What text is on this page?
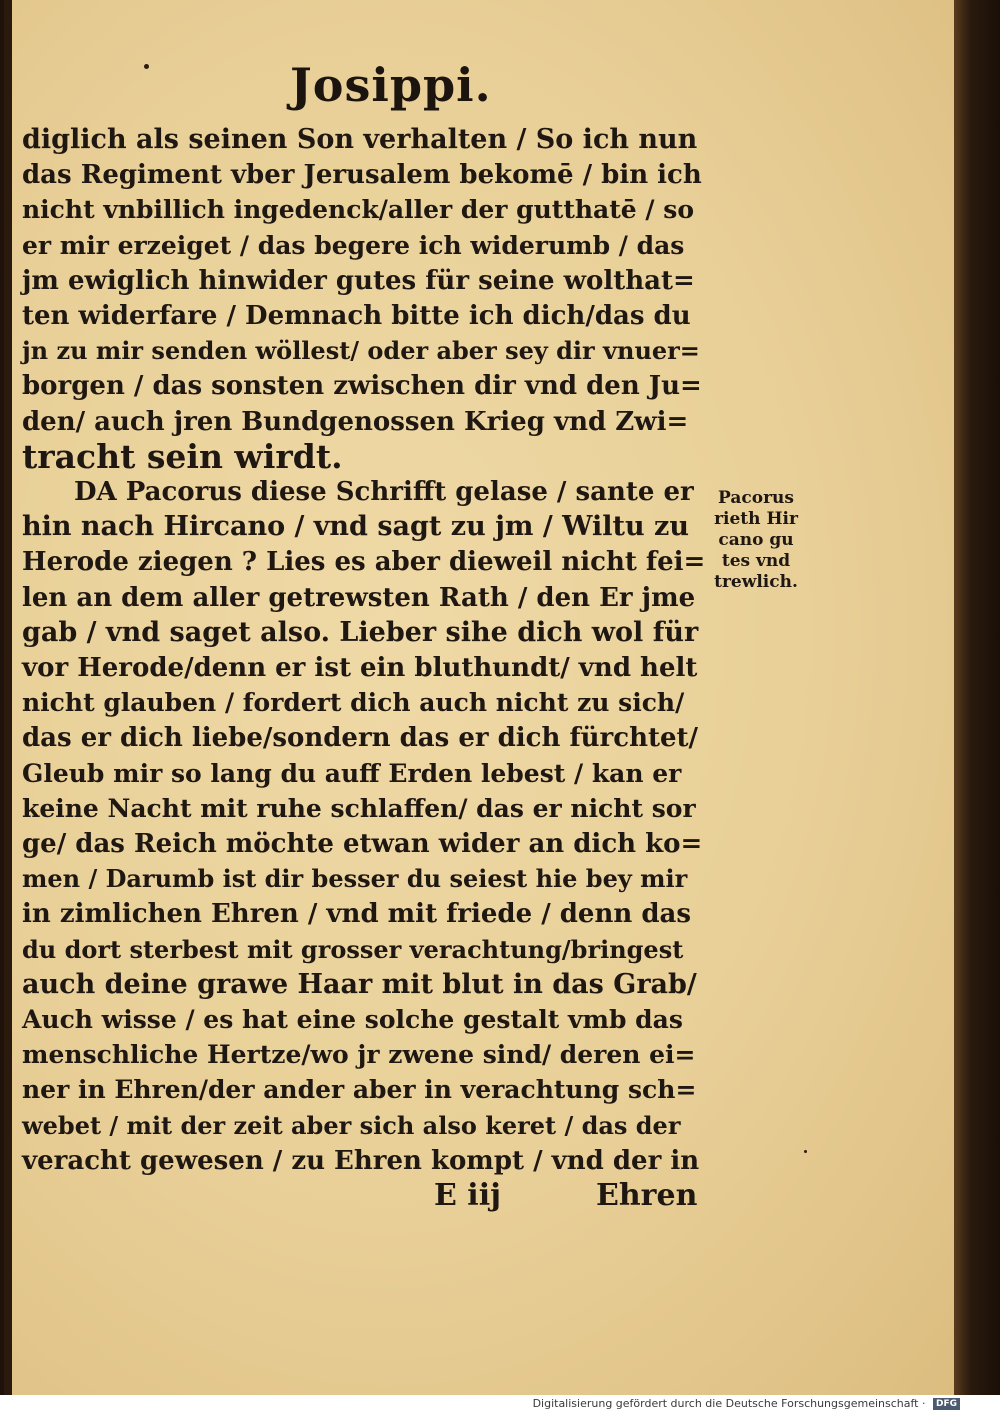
Josippi.
diglich als seinen Son verhalten / So ich nun
das Regiment vber Jerusalem bekomē / bin ich
nicht vnbillich ingedenck/aller der gutthatē / so
er mir erzeiget / das begere ich widerumb / das
jm ewiglich hinwider gutes für seine wolthat=
ten widerfare / Demnach bitte ich dich/das du
jn zu mir senden wöllest/ oder aber sey dir vnuer=
borgen / das sonsten zwischen dir vnd den Ju=
den/ auch jren Bundgenossen Krieg vnd Zwi=
tracht sein wirdt.
DA Pacorus diese Schrifft gelase / sante er
hin nach Hircano / vnd sagt zu jm / Wiltu zu
Herode ziegen ? Lies es aber dieweil nicht fei=
len an dem aller getrewsten Rath / den Er jme
gab / vnd saget also. Lieber sihe dich wol für
vor Herode/denn er ist ein bluthundt/ vnd helt
nicht glauben / fordert dich auch nicht zu sich/
das er dich liebe/sondern das er dich fürchtet/
Gleub mir so lang du auff Erden lebest / kan er
keine Nacht mit ruhe schlaffen/ das er nicht sor
ge/ das Reich möchte etwan wider an dich ko=
men / Darumb ist dir besser du seiest hie bey mir
in zimlichen Ehren / vnd mit friede / denn das
du dort sterbest mit grosser verachtung/bringest
auch deine grawe Haar mit blut in das Grab/
Auch wisse / es hat eine solche gestalt vmb das
menschliche Hertze/wo jr zwene sind/ deren ei=
ner in Ehren/der ander aber in verachtung sch=
webet / mit der zeit aber sich also keret / das der
veracht gewesen / zu Ehren kompt / vnd der in
Pacorus
rieth Hir
cano gu
tes vnd
trewlich.
E iij	Ehren
Digitalisierung gefördert durch die Deutsche Forschungsgemeinschaft · DFG
